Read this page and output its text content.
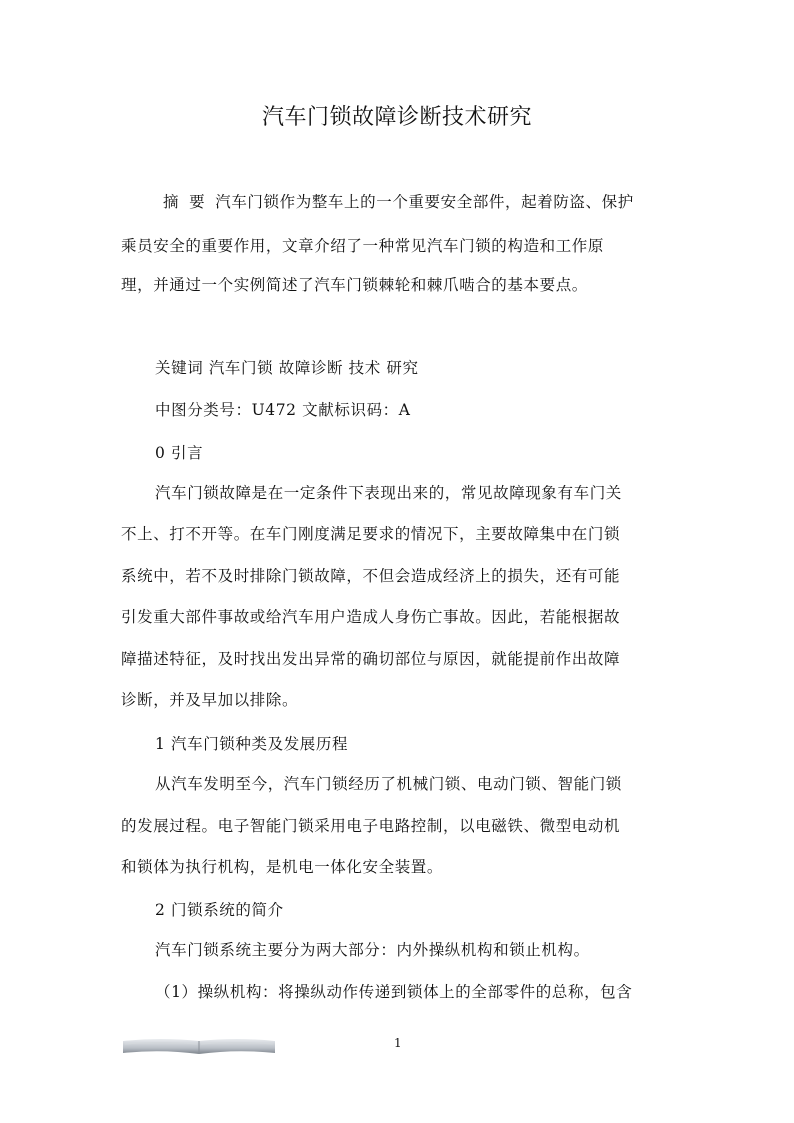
汽车门锁故障诊断技术研究
摘 要 汽车门锁作为整车上的一个重要安全部件，起着防盗、保护
乘员安全的重要作用，文章介绍了一种常见汽车门锁的构造和工作原
理，并通过一个实例简述了汽车门锁棘轮和棘爪啮合的基本要点。
关键词 汽车门锁 故障诊断 技术 研究
中图分类号：U472 文献标识码：A
0 引言
汽车门锁故障是在一定条件下表现出来的，常见故障现象有车门关
不上、打不开等。在车门刚度满足要求的情况下，主要故障集中在门锁
系统中，若不及时排除门锁故障，不但会造成经济上的损失，还有可能
引发重大部件事故或给汽车用户造成人身伤亡事故。因此，若能根据故
障描述特征，及时找出发出异常的确切部位与原因，就能提前作出故障
诊断，并及早加以排除。
1 汽车门锁种类及发展历程
从汽车发明至今，汽车门锁经历了机械门锁、电动门锁、智能门锁
的发展过程。电子智能门锁采用电子电路控制，以电磁铁、微型电动机
和锁体为执行机构，是机电一体化安全装置。
2 门锁系统的简介
汽车门锁系统主要分为两大部分：内外操纵机构和锁止机构。
（1）操纵机构：将操纵动作传递到锁体上的全部零件的总称，包含
1
